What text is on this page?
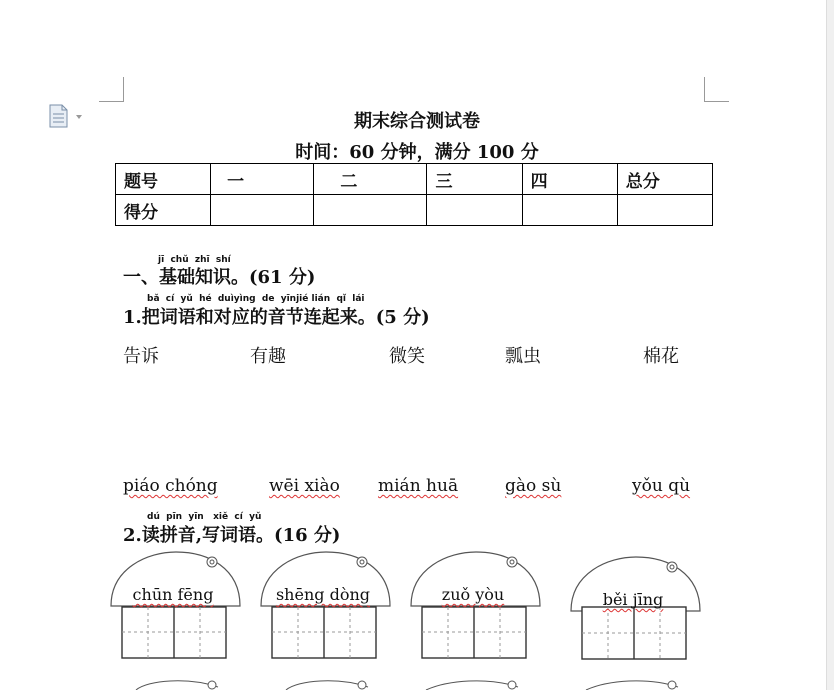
期末综合测试卷
时间：60 分钟，满分 100 分
题号	一	二	三	四	总分
得分					
jī chǔ zhī shí
一、基础知识。(61 分)
bǎ cí yǔ hé duìyìng de yīnjié lián qǐ lái
1.把词语和对应的音节连起来。(5 分)
告诉	有趣	微笑	瓢虫	棉花
piáo chóng	wēi xiào mián huā	gào sù	yǒu qù
dú pīn yīn xiě cí yǔ
2.读拼音,写词语。(16 分)
chūn fēng	shēng dòng	zuǒ yòu	běi jīng
